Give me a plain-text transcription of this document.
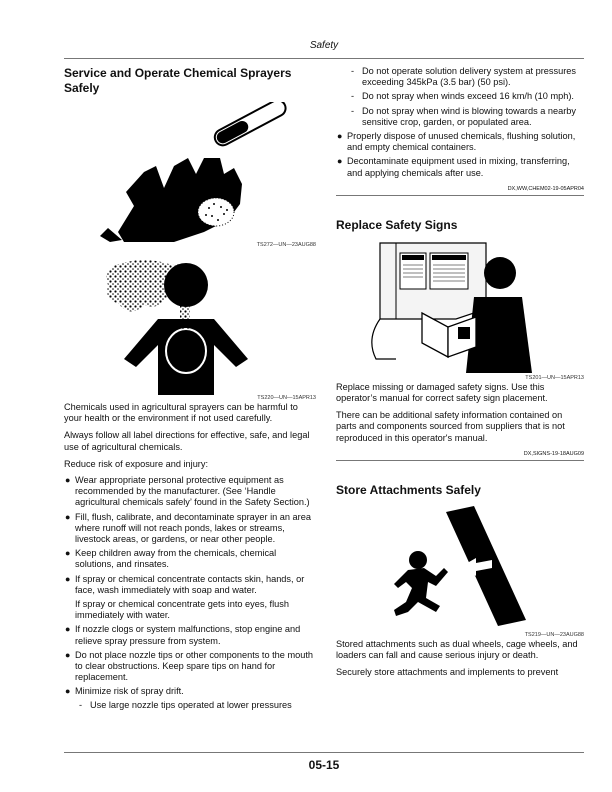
Safety
Service and Operate Chemical Sprayers Safely
TS272—UN—23AUG88
TS220—UN—15APR13

Chemicals used in agricultural sprayers can be harmful to your health or the environment if not used carefully.

Always follow all label directions for effective, safe, and legal use of agricultural chemicals.

Reduce risk of exposure and injury:

● Wear appropriate personal protective equipment as recommended by the manufacturer. (See ‘Handle agricultural chemicals safely’ found in the Safety Section.)
● Fill, flush, calibrate, and decontaminate sprayer in an area where runoff will not reach ponds, lakes or streams, livestock areas, or gardens, or near other people.
● Keep children away from the chemicals, chemical solutions, and rinsates.
● If spray or chemical concentrate contacts skin, hands, or face, wash immediately with soap and water.
If spray or chemical concentrate gets into eyes, flush immediately with water.
● If nozzle clogs or system malfunctions, stop engine and relieve spray pressure from system.
● Do not place nozzle tips or other components to the mouth to clear obstructions. Keep spare tips on hand for replacement.
● Minimize risk of spray drift.
- Use large nozzle tips operated at lower pressures
- Do not operate solution delivery system at pressures exceeding 345kPa (3.5 bar) (50 psi).
- Do not spray when winds exceed 16 km/h (10 mph).
- Do not spray when wind is blowing towards a nearby sensitive crop, garden, or populated area.
● Properly dispose of unused chemicals, flushing solution, and empty chemical containers.
● Decontaminate equipment used in mixing, transferring, and applying chemicals after use.
DX,WW,CHEM02-19-05APR04
Replace Safety Signs
TS201—UN—15APR13

Replace missing or damaged safety signs. Use this operator’s manual for correct safety sign placement.

There can be additional safety information contained on parts and components sourced from suppliers that is not reproduced in this operator's manual.

DX,SIGNS-19-18AUG09
Store Attachments Safely
TS219—UN—23AUG88

Stored attachments such as dual wheels, cage wheels, and loaders can fall and cause serious injury or death.

Securely store attachments and implements to prevent

05-15
